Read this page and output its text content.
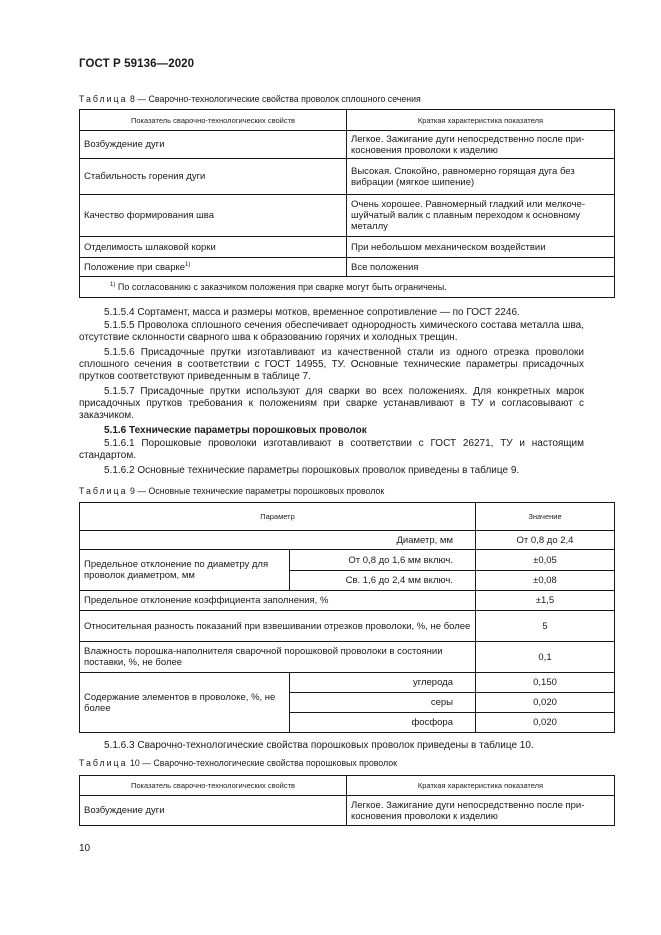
ГОСТ Р 59136—2020
Таблица 8 — Сварочно-технологические свойства проволок сплошного сечения
Показатель сварочно-технологических свойств	Краткая характеристика показателя
Возбуждение дуги	Легкое. Зажигание дуги непосредственно после при-косновения проволоки к изделию
Стабильность горения дуги	Высокая. Спокойно, равномерно горящая дуга без вибрации (мягкое шипение)
Качество формирования шва	Очень хорошее. Равномерный гладкий или мелкоче-шуйчатый валик с плавным переходом к основному металлу
Отделимость шлаковой корки	При небольшом механическом воздействии
Положение при сварке$^{1)}$	Все положения
$^{1)}$ По согласованию с заказчиком положения при сварке могут быть ограничены.	
5.1.5.4 Сортамент, масса и размеры мотков, временное сопротивление — по ГОСТ 2246.
5.1.5.5 Проволока сплошного сечения обеспечивает однородность химического состава металла шва, отсутствие склонности сварного шва к образованию горячих и холодных трещин.
5.1.5.6 Присадочные прутки изготавливают из качественной стали из одного отрезка проволоки сплошного сечения в соответствии с ГОСТ 14955, ТУ. Основные технические параметры присадочных прутков соответствуют приведенным в таблице 7.
5.1.5.7 Присадочные прутки используют для сварки во всех положениях. Для конкретных марок присадочных прутков требования к положениям при сварке устанавливают в ТУ и согласовывают с заказчиком.
5.1.6 Технические параметры порошковых проволок
5.1.6.1 Порошковые проволоки изготавливают в соответствии с ГОСТ 26271, ТУ и настоящим стандартом.
5.1.6.2 Основные технические параметры порошковых проволок приведены в таблице 9.
Таблица 9 — Основные технические параметры порошковых проволок
Параметр		Значение
Диаметр, мм		От 0,8 до 2,4
Предельное отклонение по диаметру для проволок диаметром, мм	От 0,8 до 1,6 мм включ.	±0,05
	Св. 1,6 до 2,4 мм включ.	±0,08
Предельное отклонение коэффициента заполнения, %		±1,5
Относительная разность показаний при взвешивании отрезков проволоки, %, не более		5
Влажность порошка-наполнителя сварочной порошковой проволоки в состоянии поставки, %, не более		0,1
Содержание элементов в проволоке, %, не более	углерода	0,150
	серы	0,020
	фосфора	0,020
5.1.6.3 Сварочно-технологические свойства порошковых проволок приведены в таблице 10.
Таблица 10 — Сварочно-технологические свойства порошковых проволок
Показатель сварочно-технологических свойств	Краткая характеристика показателя
Возбуждение дуги	Легкое. Зажигание дуги непосредственно после при-косновения проволоки к изделию
10
